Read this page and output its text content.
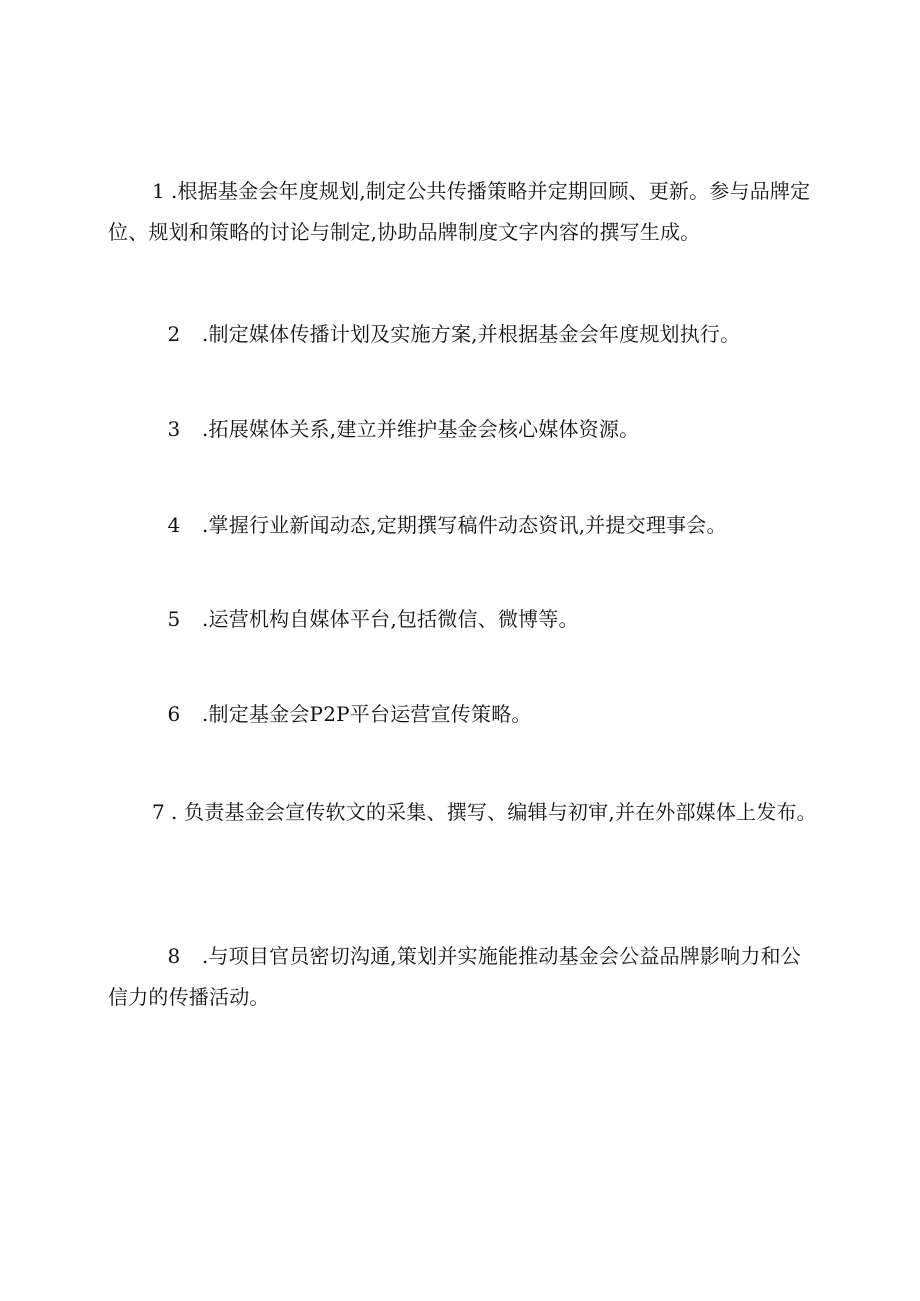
1 .根据基金会年度规划,制定公共传播策略并定期回顾、更新。参与品牌定位、规划和策略的讨论与制定,协助品牌制度文字内容的撰写生成。
2 .制定媒体传播计划及实施方案,并根据基金会年度规划执行。
3 .拓展媒体关系,建立并维护基金会核心媒体资源。
4 .掌握行业新闻动态,定期撰写稿件动态资讯,并提交理事会。
5 .运营机构自媒体平台,包括微信、微博等。
6 .制定基金会P2P平台运营宣传策略。
7 . 负责基金会宣传软文的采集、撰写、编辑与初审,并在外部媒体上发布。
8 .与项目官员密切沟通,策划并实施能推动基金会公益品牌影响力和公信力的传播活动。
